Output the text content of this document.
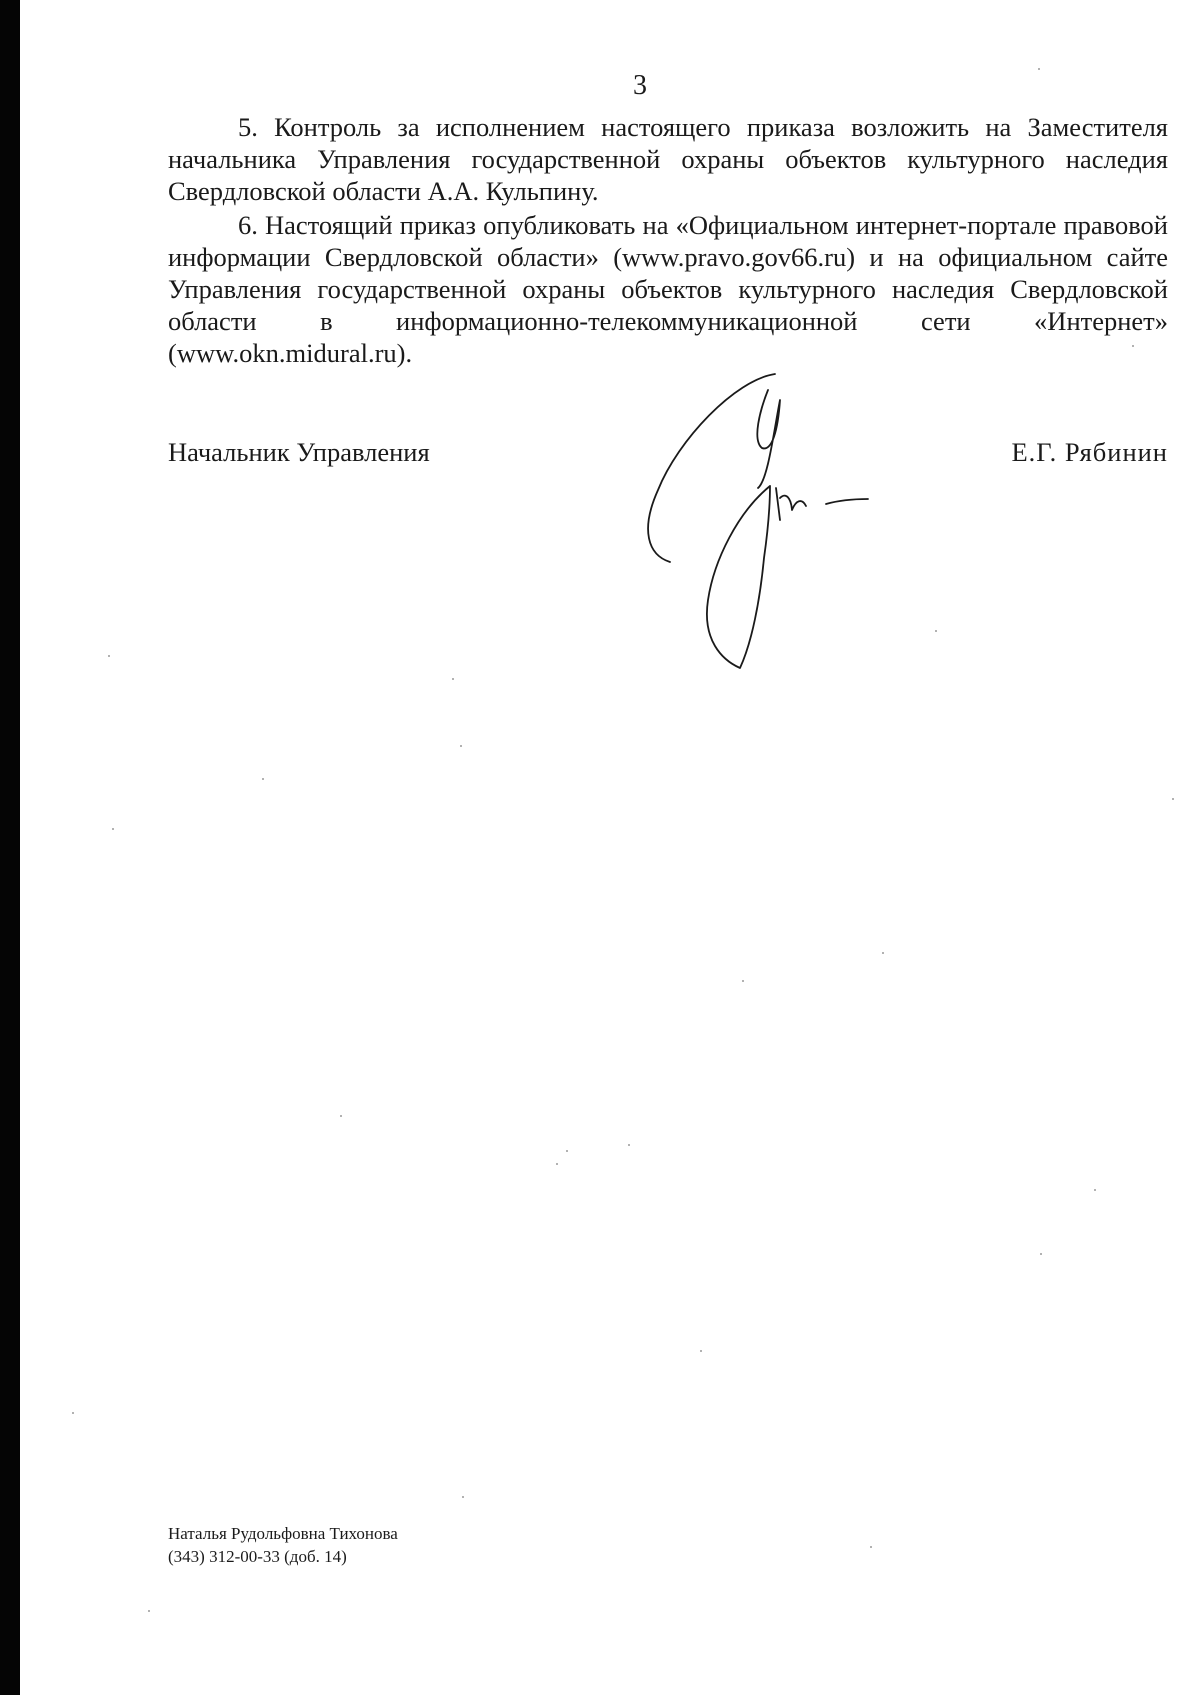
3

5. Контроль за исполнением настоящего приказа возложить на Заместителя начальника Управления государственной охраны объектов культурного наследия Свердловской области А.А. Кульпину.

6. Настоящий приказ опубликовать на «Официальном интернет-портале правовой информации Свердловской области» (www.pravo.gov66.ru) и на официальном сайте Управления государственной охраны объектов культурного наследия Свердловской области в информационно-телекоммуникационной сети «Интернет» (www.okn.midural.ru).

Начальник Управления	Е.Г. Рябинин
Наталья Рудольфовна Тихонова
(343) 312-00-33 (доб. 14)
